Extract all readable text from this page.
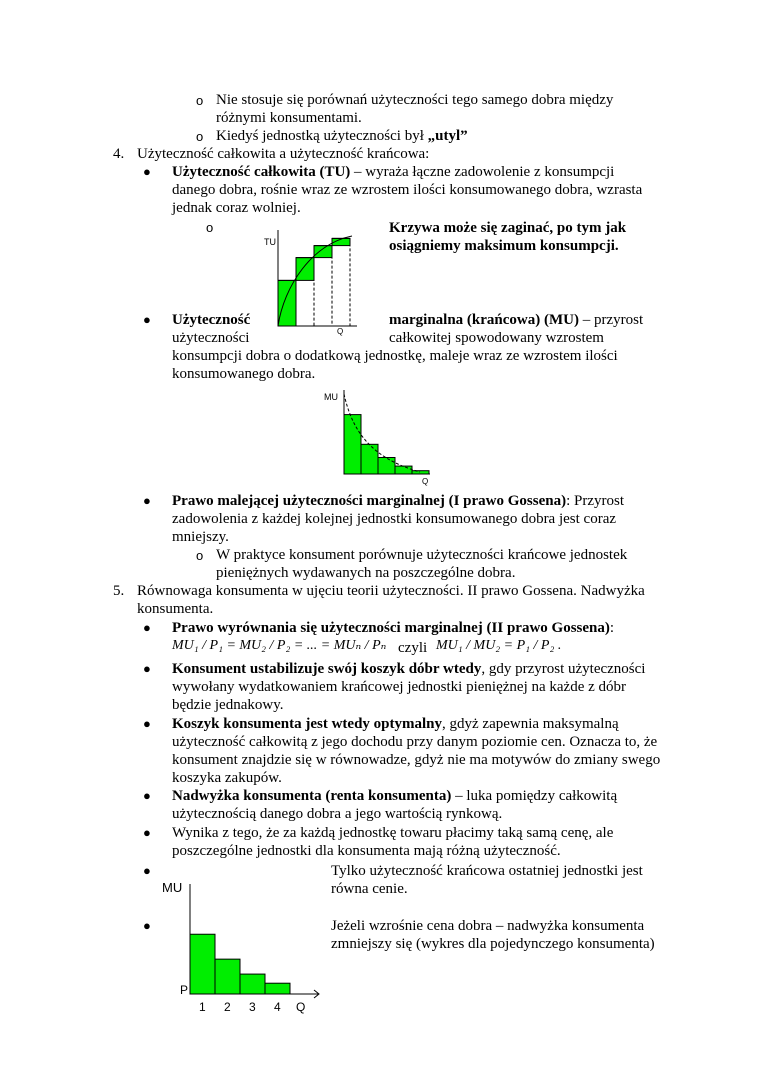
o Nie stosuje się porównań użyteczności tego samego dobra między
różnymi konsumentami.
o Kiedyś jednostką użyteczności był „utyl”
4. Użyteczność całkowita a użyteczność krańcowa:
● Użyteczność całkowita (TU) – wyraża łączne zadowolenie z konsumpcji
danego dobra, rośnie wraz ze wzrostem ilości konsumowanego dobra, wzrasta
jednak coraz wolniej.
o	Krzywa może się zaginać, po tym jak
osiągniemy maksimum konsumpcji.
TU
Q
● Użyteczność	marginalna (krańcowa) (MU) – przyrost
użyteczności	całkowitej spowodowany wzrostem
konsumpcji dobra o dodatkową jednostkę, maleje wraz ze wzrostem ilości
konsumowanego dobra.
MU
Q
● Prawo malejącej użyteczności marginalnej (I prawo Gossena): Przyrost
zadowolenia z każdej kolejnej jednostki konsumowanego dobra jest coraz
mniejszy.
o W praktyce konsument porównuje użyteczności krańcowe jednostek
pieniężnych wydawanych na poszczególne dobra.
5. Równowaga konsumenta w ujęciu teorii użyteczności. II prawo Gossena. Nadwyżka
konsumenta.
● Prawo wyrównania się użyteczności marginalnej (II prawo Gossena):
MU₁ / P₁ = MU₂ / P₂ = ... = MUₙ / Pₙ czyli MU₁ / MU₂ = P₁ / P₂ .
● Konsument ustabilizuje swój koszyk dóbr wtedy, gdy przyrost użyteczności
wywołany wydatkowaniem krańcowej jednostki pieniężnej na każde z dóbr
będzie jednakowy.
● Koszyk konsumenta jest wtedy optymalny, gdyż zapewnia maksymalną
użyteczność całkowitą z jego dochodu przy danym poziomie cen. Oznacza to, że
konsument znajdzie się w równowadze, gdyż nie ma motywów do zmiany swego
koszyka zakupów.
● Nadwyżka konsumenta (renta konsumenta) – luka pomiędzy całkowitą
użytecznością danego dobra a jego wartością rynkową.
● Wynika z tego, że za każdą jednostkę towaru płacimy taką samą cenę, ale
poszczególne jednostki dla konsumenta mają różną użyteczność.
●	Tylko użyteczność krańcowa ostatniej jednostki jest
równa cenie.
●	Jeżeli wzrośnie cena dobra – nadwyżka konsumenta
zmniejszy się (wykres dla pojedynczego konsumenta)
MU
P
1 2 3 4 Q
